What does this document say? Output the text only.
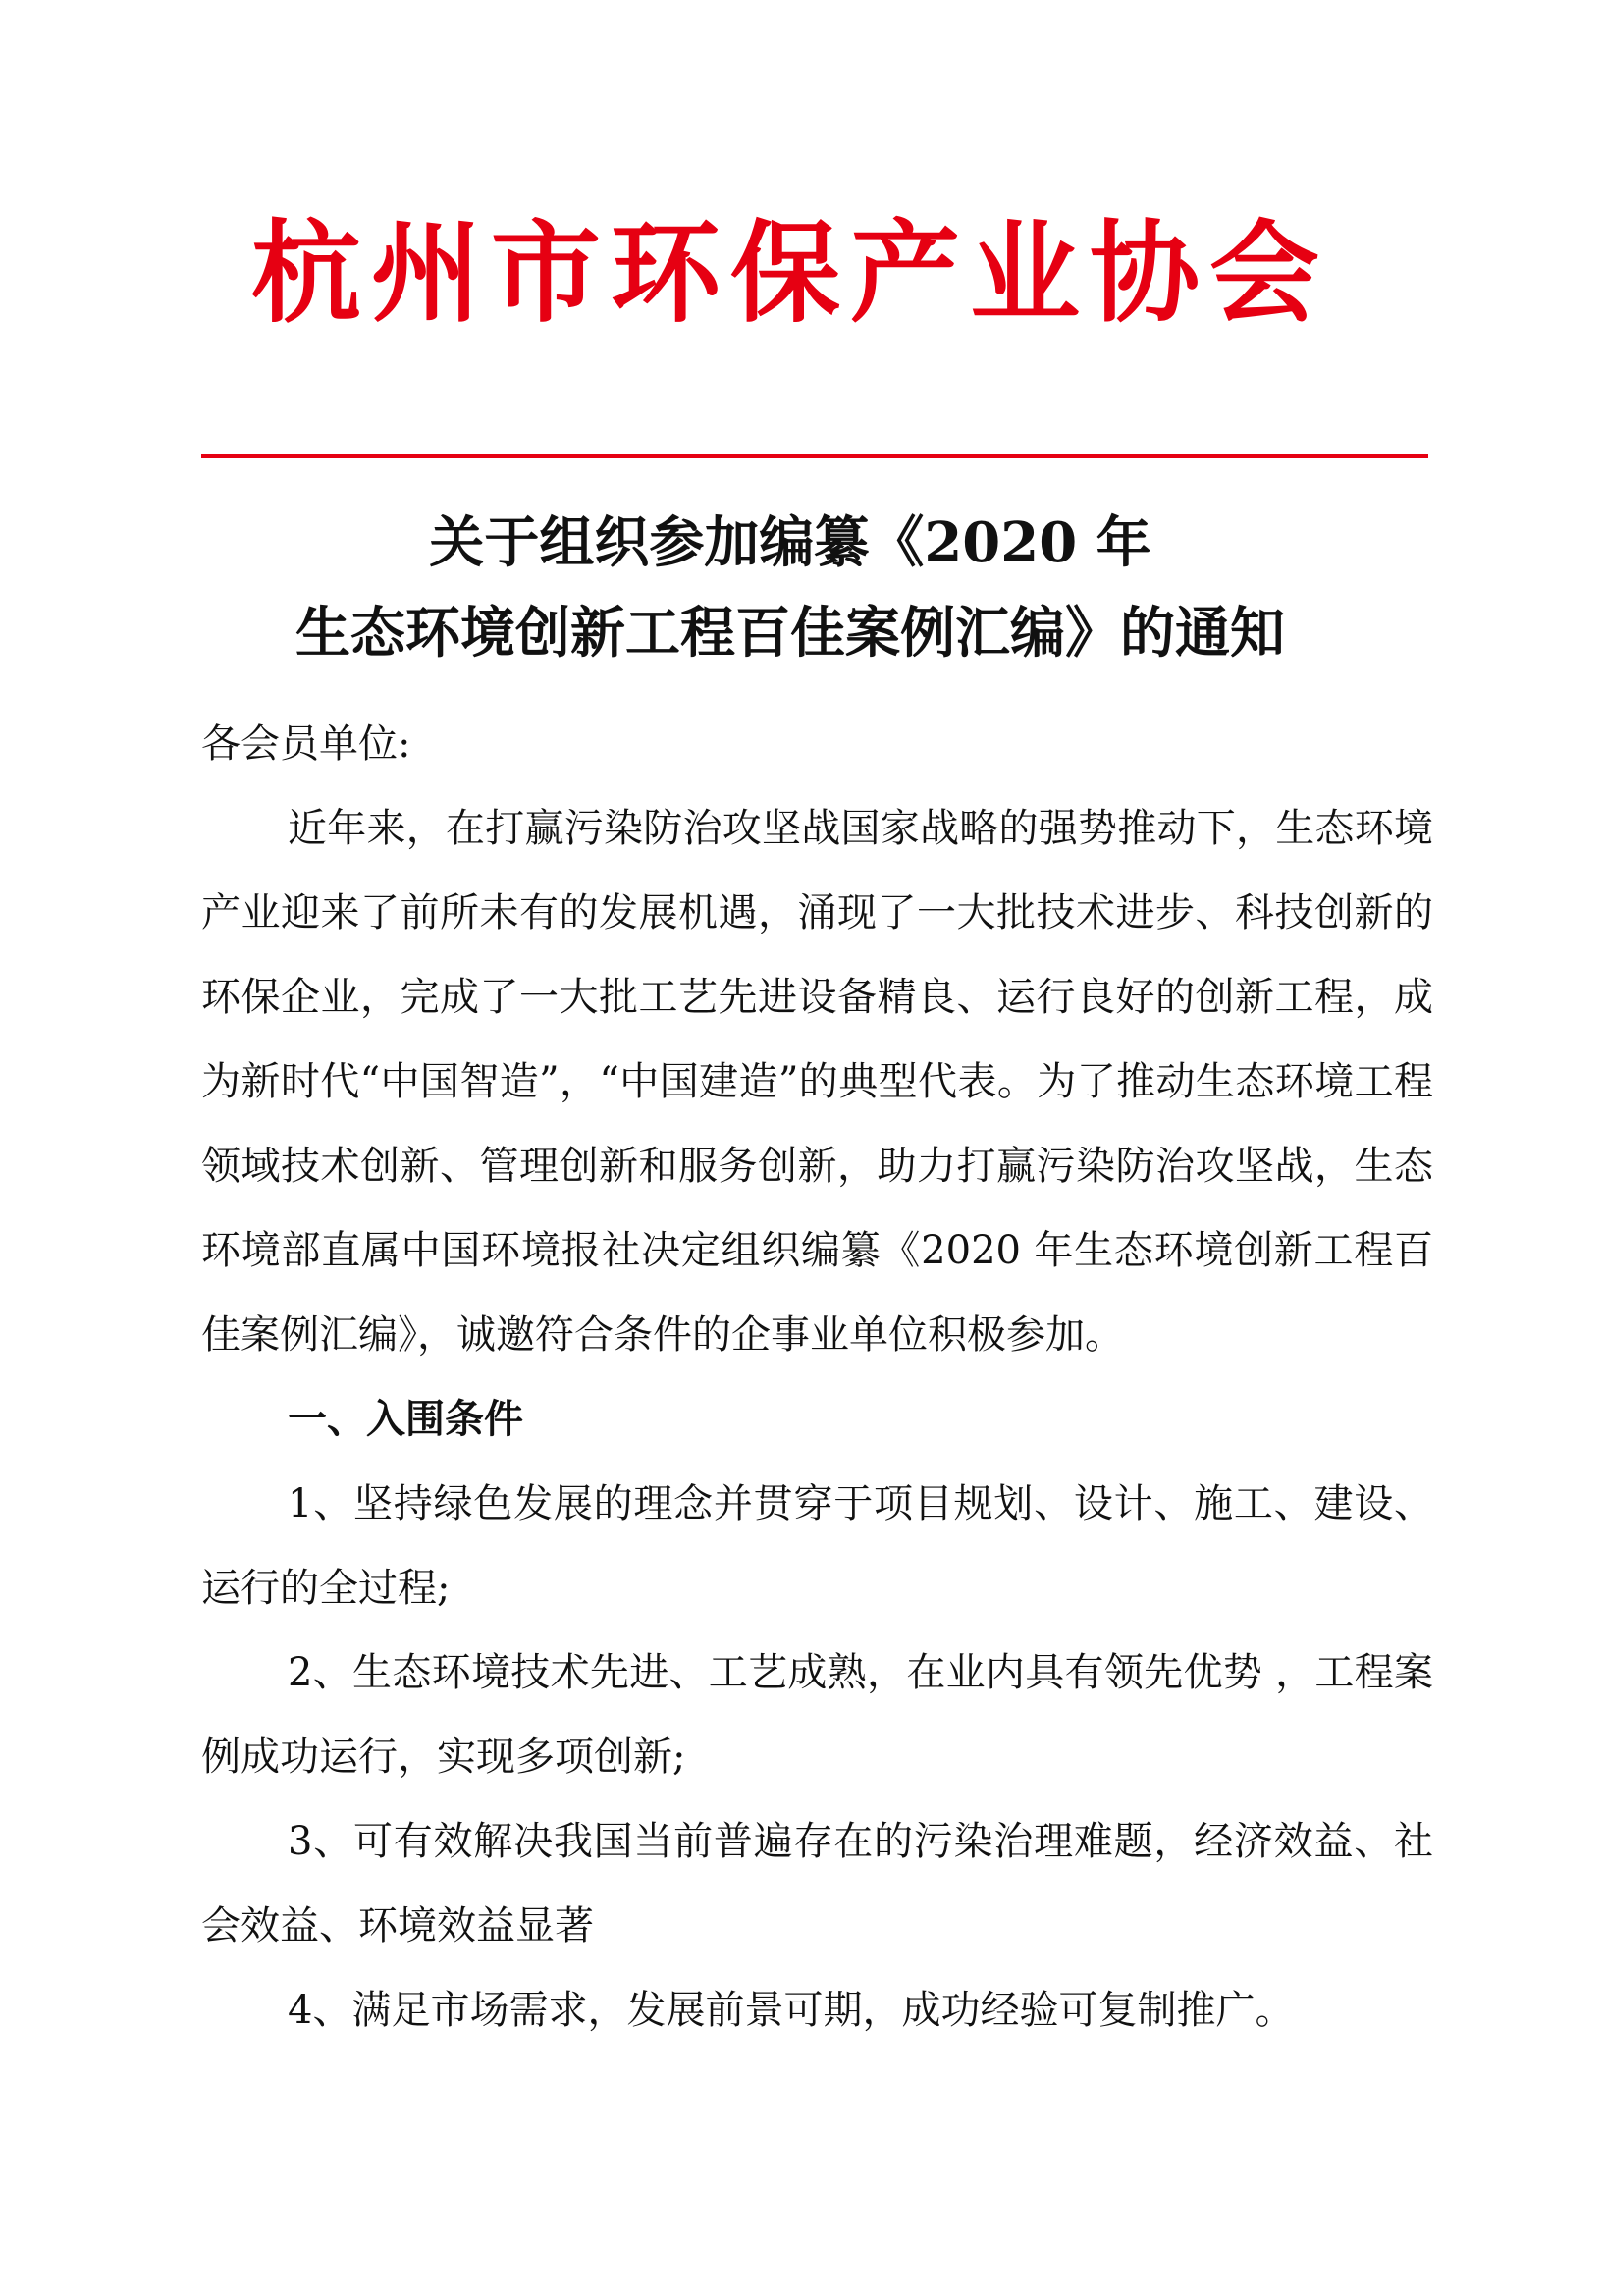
杭州市环保产业协会
关于组织参加编纂《2020 年
生态环境创新工程百佳案例汇编》的通知

各会员单位:

近年来，在打赢污染防治攻坚战国家战略的强势推动下，生态环境产业迎来了前所未有的发展机遇，涌现了一大批技术进步、科技创新的环保企业，完成了一大批工艺先进设备精良、运行良好的创新工程，成为新时代“中国智造”，“中国建造”的典型代表。为了推动生态环境工程领域技术创新、管理创新和服务创新，助力打赢污染防治攻坚战，生态环境部直属中国环境报社决定组织编纂《2020 年生态环境创新工程百佳案例汇编》，诚邀符合条件的企事业单位积极参加。

一、入围条件

1、坚持绿色发展的理念并贯穿于项目规划、设计、施工、建设、运行的全过程;

2、生态环境技术先进、工艺成熟，在业内具有领先优势 ，工程案例成功运行，实现多项创新;

3、可有效解决我国当前普遍存在的污染治理难题，经济效益、社会效益、环境效益显著

4、满足市场需求，发展前景可期，成功经验可复制推广。
